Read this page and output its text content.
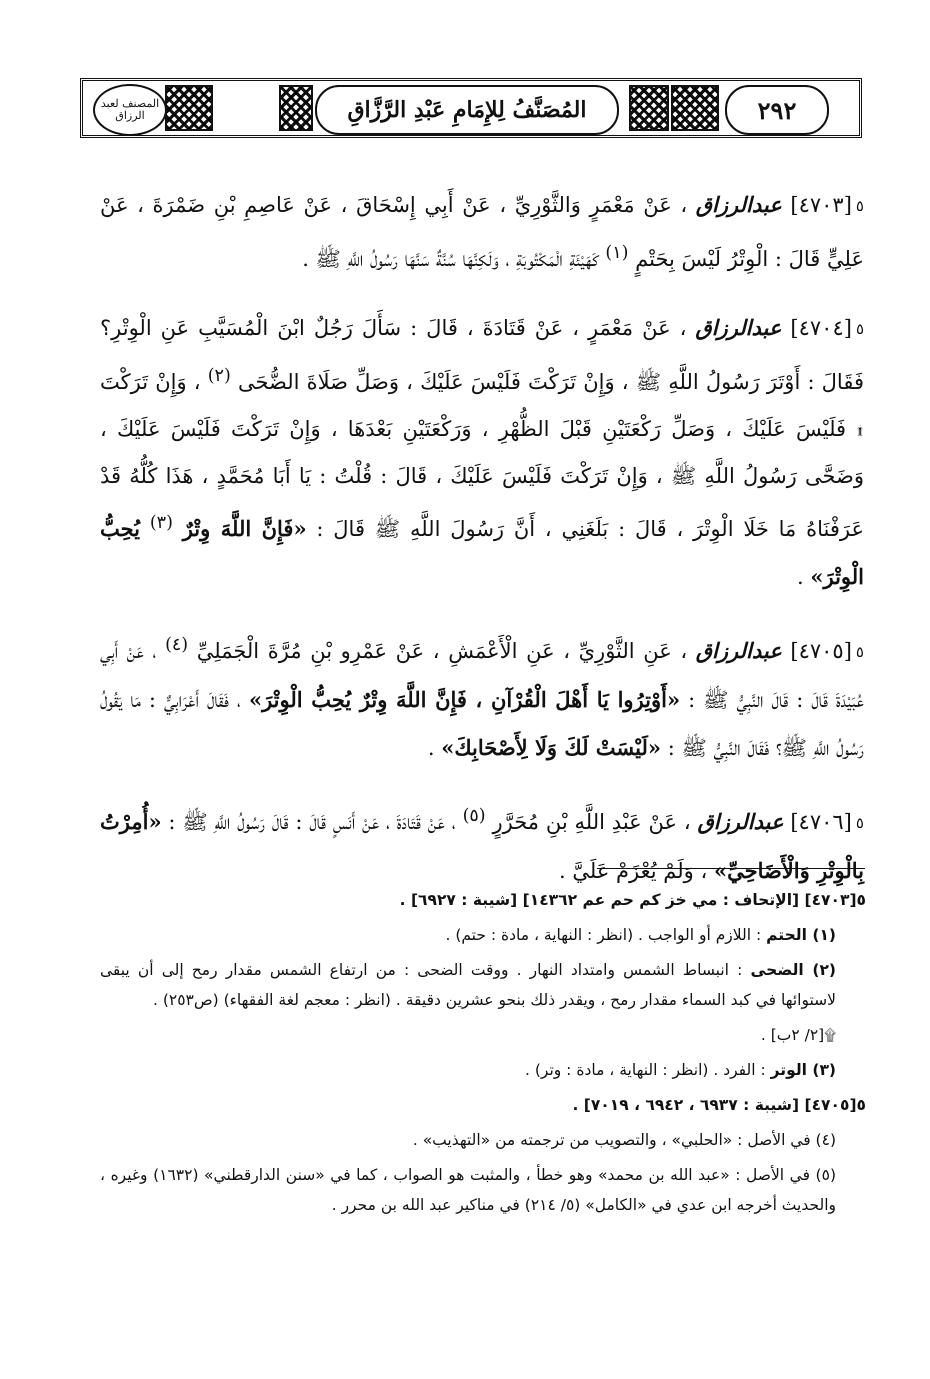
المصنف لعبد الرزاق	المُصَنَّفُ لِلإِمَامِ عَبْدِ الرَّزَّاقِ	٢٩٢

٥[٤٧٠٣] عبدالرزاق ، عَنْ مَعْمَرٍ وَالثَّوْرِيِّ ، عَنْ أَبِي إِسْحَاقَ ، عَنْ عَاصِمِ بْنِ ضَمْرَةَ ، عَنْ عَلِيٍّ قَالَ : الْوِتْرُ لَيْسَ بِحَتْمٍ $^{(١)}$ كَهَيْئَةِ الْمَكْتُوبَةِ ، وَلَكِنَّهَا سُنَّةٌ سَنَّهَا رَسُولُ اللَّهِ ﷺ .

٥[٤٧٠٤] عبدالرزاق ، عَنْ مَعْمَرٍ ، عَنْ قَتَادَةَ ، قَالَ : سَأَلَ رَجُلٌ ابْنَ الْمُسَيَّبِ عَنِ الْوِتْرِ؟ فَقَالَ : أَوْتَرَ رَسُولُ اللَّهِ ﷺ ، وَإِنْ تَرَكْتَ فَلَيْسَ عَلَيْكَ ، وَصَلِّ صَلَاةَ الضُّحَى $^{(٢)}$ ، وَإِنْ تَرَكْتَ ۩ فَلَيْسَ عَلَيْكَ ، وَصَلِّ رَكْعَتَيْنِ قَبْلَ الظُّهْرِ ، وَرَكْعَتَيْنِ بَعْدَهَا ، وَإِنْ تَرَكْتَ فَلَيْسَ عَلَيْكَ ، وَضَحَّى رَسُولُ اللَّهِ ﷺ ، وَإِنْ تَرَكْتَ فَلَيْسَ عَلَيْكَ ، قَالَ : قُلْتُ : يَا أَبَا مُحَمَّدٍ ، هَذَا كُلُّهُ قَدْ عَرَفْنَاهُ مَا خَلَا الْوِتْرَ ، قَالَ : بَلَغَنِي ، أَنَّ رَسُولَ اللَّهِ ﷺ قَالَ : «فَإِنَّ اللَّهَ وِتْرٌ $^{(٣)}$ يُحِبُّ الْوِتْرَ» .

٥[٤٧٠٥] عبدالرزاق ، عَنِ الثَّوْرِيِّ ، عَنِ الْأَعْمَشِ ، عَنْ عَمْرِو بْنِ مُرَّةَ الْجَمَلِيِّ $^{(٤)}$ ، عَنْ أَبِي عُبَيْدَةَ قَالَ : قَالَ النَّبِيُّ ﷺ : «أَوْتِرُوا يَا أَهْلَ الْقُرْآنِ ، فَإِنَّ اللَّهَ وِتْرٌ يُحِبُّ الْوِتْرَ» ، فَقَالَ أَعْرَابِيٌّ : مَا يَقُولُ رَسُولُ اللَّهِ ﷺ؟ فَقَالَ النَّبِيُّ ﷺ : «لَيْسَتْ لَكَ وَلَا لِأَصْحَابِكَ» .

٥[٤٧٠٦] عبدالرزاق ، عَنْ عَبْدِ اللَّهِ بْنِ مُحَرَّرٍ $^{(٥)}$ ، عَنْ قَتَادَةَ ، عَنْ أَنَسٍ قَالَ : قَالَ رَسُولُ اللَّهِ ﷺ : «أُمِرْتُ بِالْوِتْرِ وَالْأَضَاحِيِّ» ، وَلَمْ يُعْزَمْ عَلَيَّ .

٥[٤٧٠٣] [الإتحاف : مي خز كم حم عم ١٤٣٦٢] [شيبة : ٦٩٢٧] .

(١) الحتم : اللازم أو الواجب . (انظر : النهاية ، مادة : حتم) .

(٢) الضحى : انبساط الشمس وامتداد النهار . ووقت الضحى : من ارتفاع الشمس مقدار رمح إلى أن يبقى لاستوائها في كبد السماء مقدار رمح ، ويقدر ذلك بنحو عشرين دقيقة . (انظر : معجم لغة الفقهاء) (ص٢٥٣) .

۩[٢/ ٢ب] .

(٣) الوتر : الفرد . (انظر : النهاية ، مادة : وتر) .

٥[٤٧٠٥] [شيبة : ٦٩٣٧ ، ٦٩٤٢ ، ٧٠١٩] .

(٤) في الأصل : «الحلبي» ، والتصويب من ترجمته من «التهذيب» .

(٥) في الأصل : «عبد الله بن محمد» وهو خطأ ، والمثبت هو الصواب ، كما في «سنن الدارقطني» (١٦٣٢) وغيره ، والحديث أخرجه ابن عدي في «الكامل» (٥/ ٢١٤) في مناكير عبد الله بن محرر .
